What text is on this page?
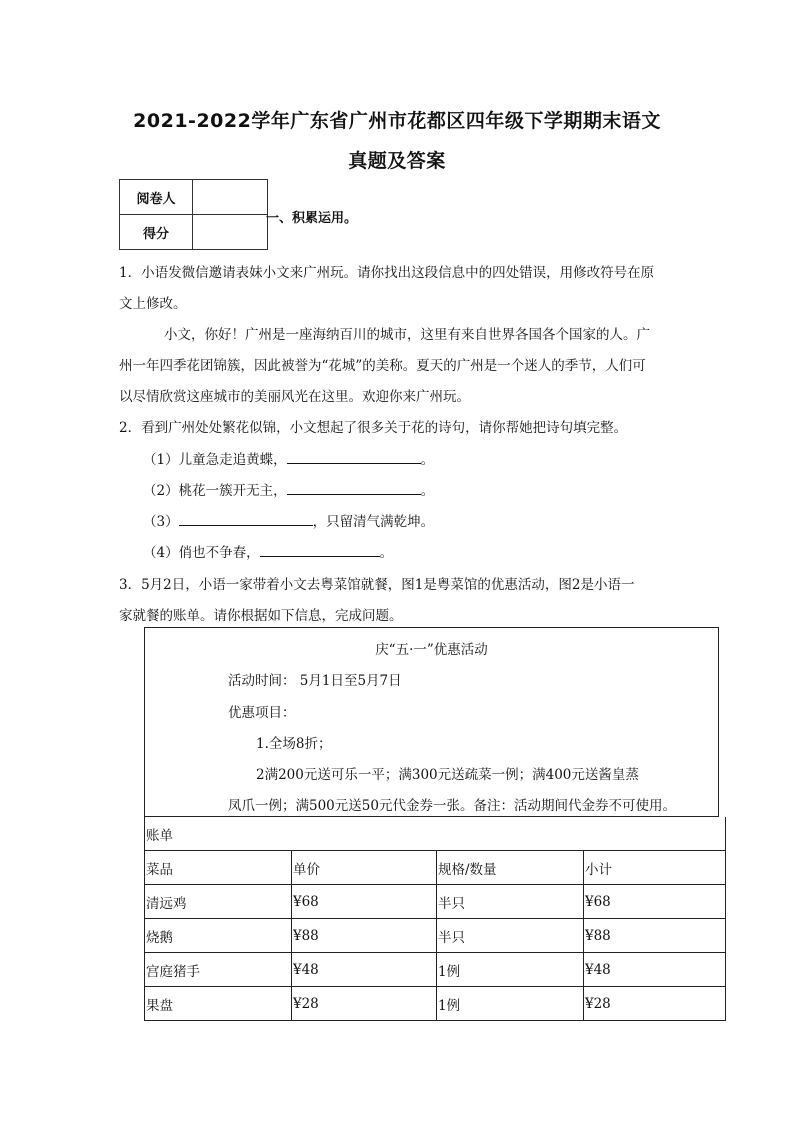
2021-2022学年广东省广州市花都区四年级下学期期末语文
真题及答案
阅卷人	
得分	
一、积累运用。
1．小语发微信邀请表妹小文来广州玩。请你找出这段信息中的四处错误，用修改符号在原
文上修改。
小文，你好！广州是一座海纳百川的城市，这里有来自世界各国各个国家的人。广
州一年四季花团锦簇，因此被誉为“花城”的美称。夏天的广州是一个迷人的季节，人们可
以尽情欣赏这座城市的美丽风光在这里。欢迎你来广州玩。
2．看到广州处处繁花似锦，小文想起了很多关于花的诗句，请你帮她把诗句填完整。
（1）儿童急走追黄蝶，	。
（2）桃花一簇开无主，	。
（3）	，只留清气满乾坤。
（4）俏也不争春，	。
3．5月2日，小语一家带着小文去粤菜馆就餐，图1是粤菜馆的优惠活动，图2是小语一
家就餐的账单。请你根据如下信息，完成问题。
庆“五·一”优惠活动
活动时间： 5月1日至5月7日
优惠项目：
1.全场8折；
2满200元送可乐一平；满300元送疏菜一例；满400元送酱皇蒸
凤爪一例；满500元送50元代金券一张。备注：活动期间代金券不可使用。
账单			
菜品	单价	规格/数量	小计
清远鸡	¥68	半只	¥68
烧鹅	¥88	半只	¥88
宫庭猪手	¥48	1例	¥48
果盘	¥28	1例	¥28
